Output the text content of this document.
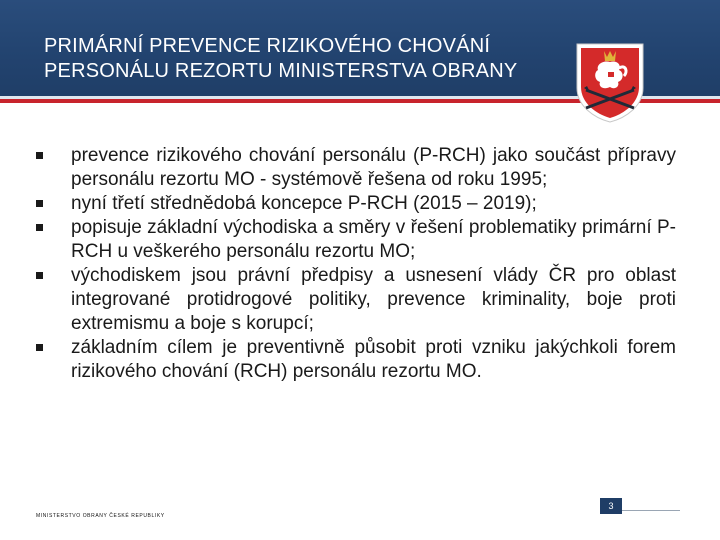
PRIMÁRNÍ PREVENCE RIZIKOVÉHO CHOVÁNÍ
PERSONÁLU REZORTU MINISTERSTVA OBRANY
prevence rizikového chování personálu (P-RCH) jako součást přípravy personálu rezortu MO - systémově řešena od roku 1995;
nyní třetí střednědobá koncepce P-RCH (2015 – 2019);
popisuje základní východiska a směry v řešení problematiky primární P-RCH u veškerého personálu rezortu MO;
východiskem jsou právní předpisy a usnesení vlády ČR pro oblast integrované protidrogové politiky, prevence kriminality, boje proti extremismu a boje s korupcí;
základním cílem je preventivně působit proti vzniku jakýchkoli forem rizikového chování (RCH) personálu rezortu MO.
3
MINISTERSTVO OBRANY ČESKÉ REPUBLIKY
